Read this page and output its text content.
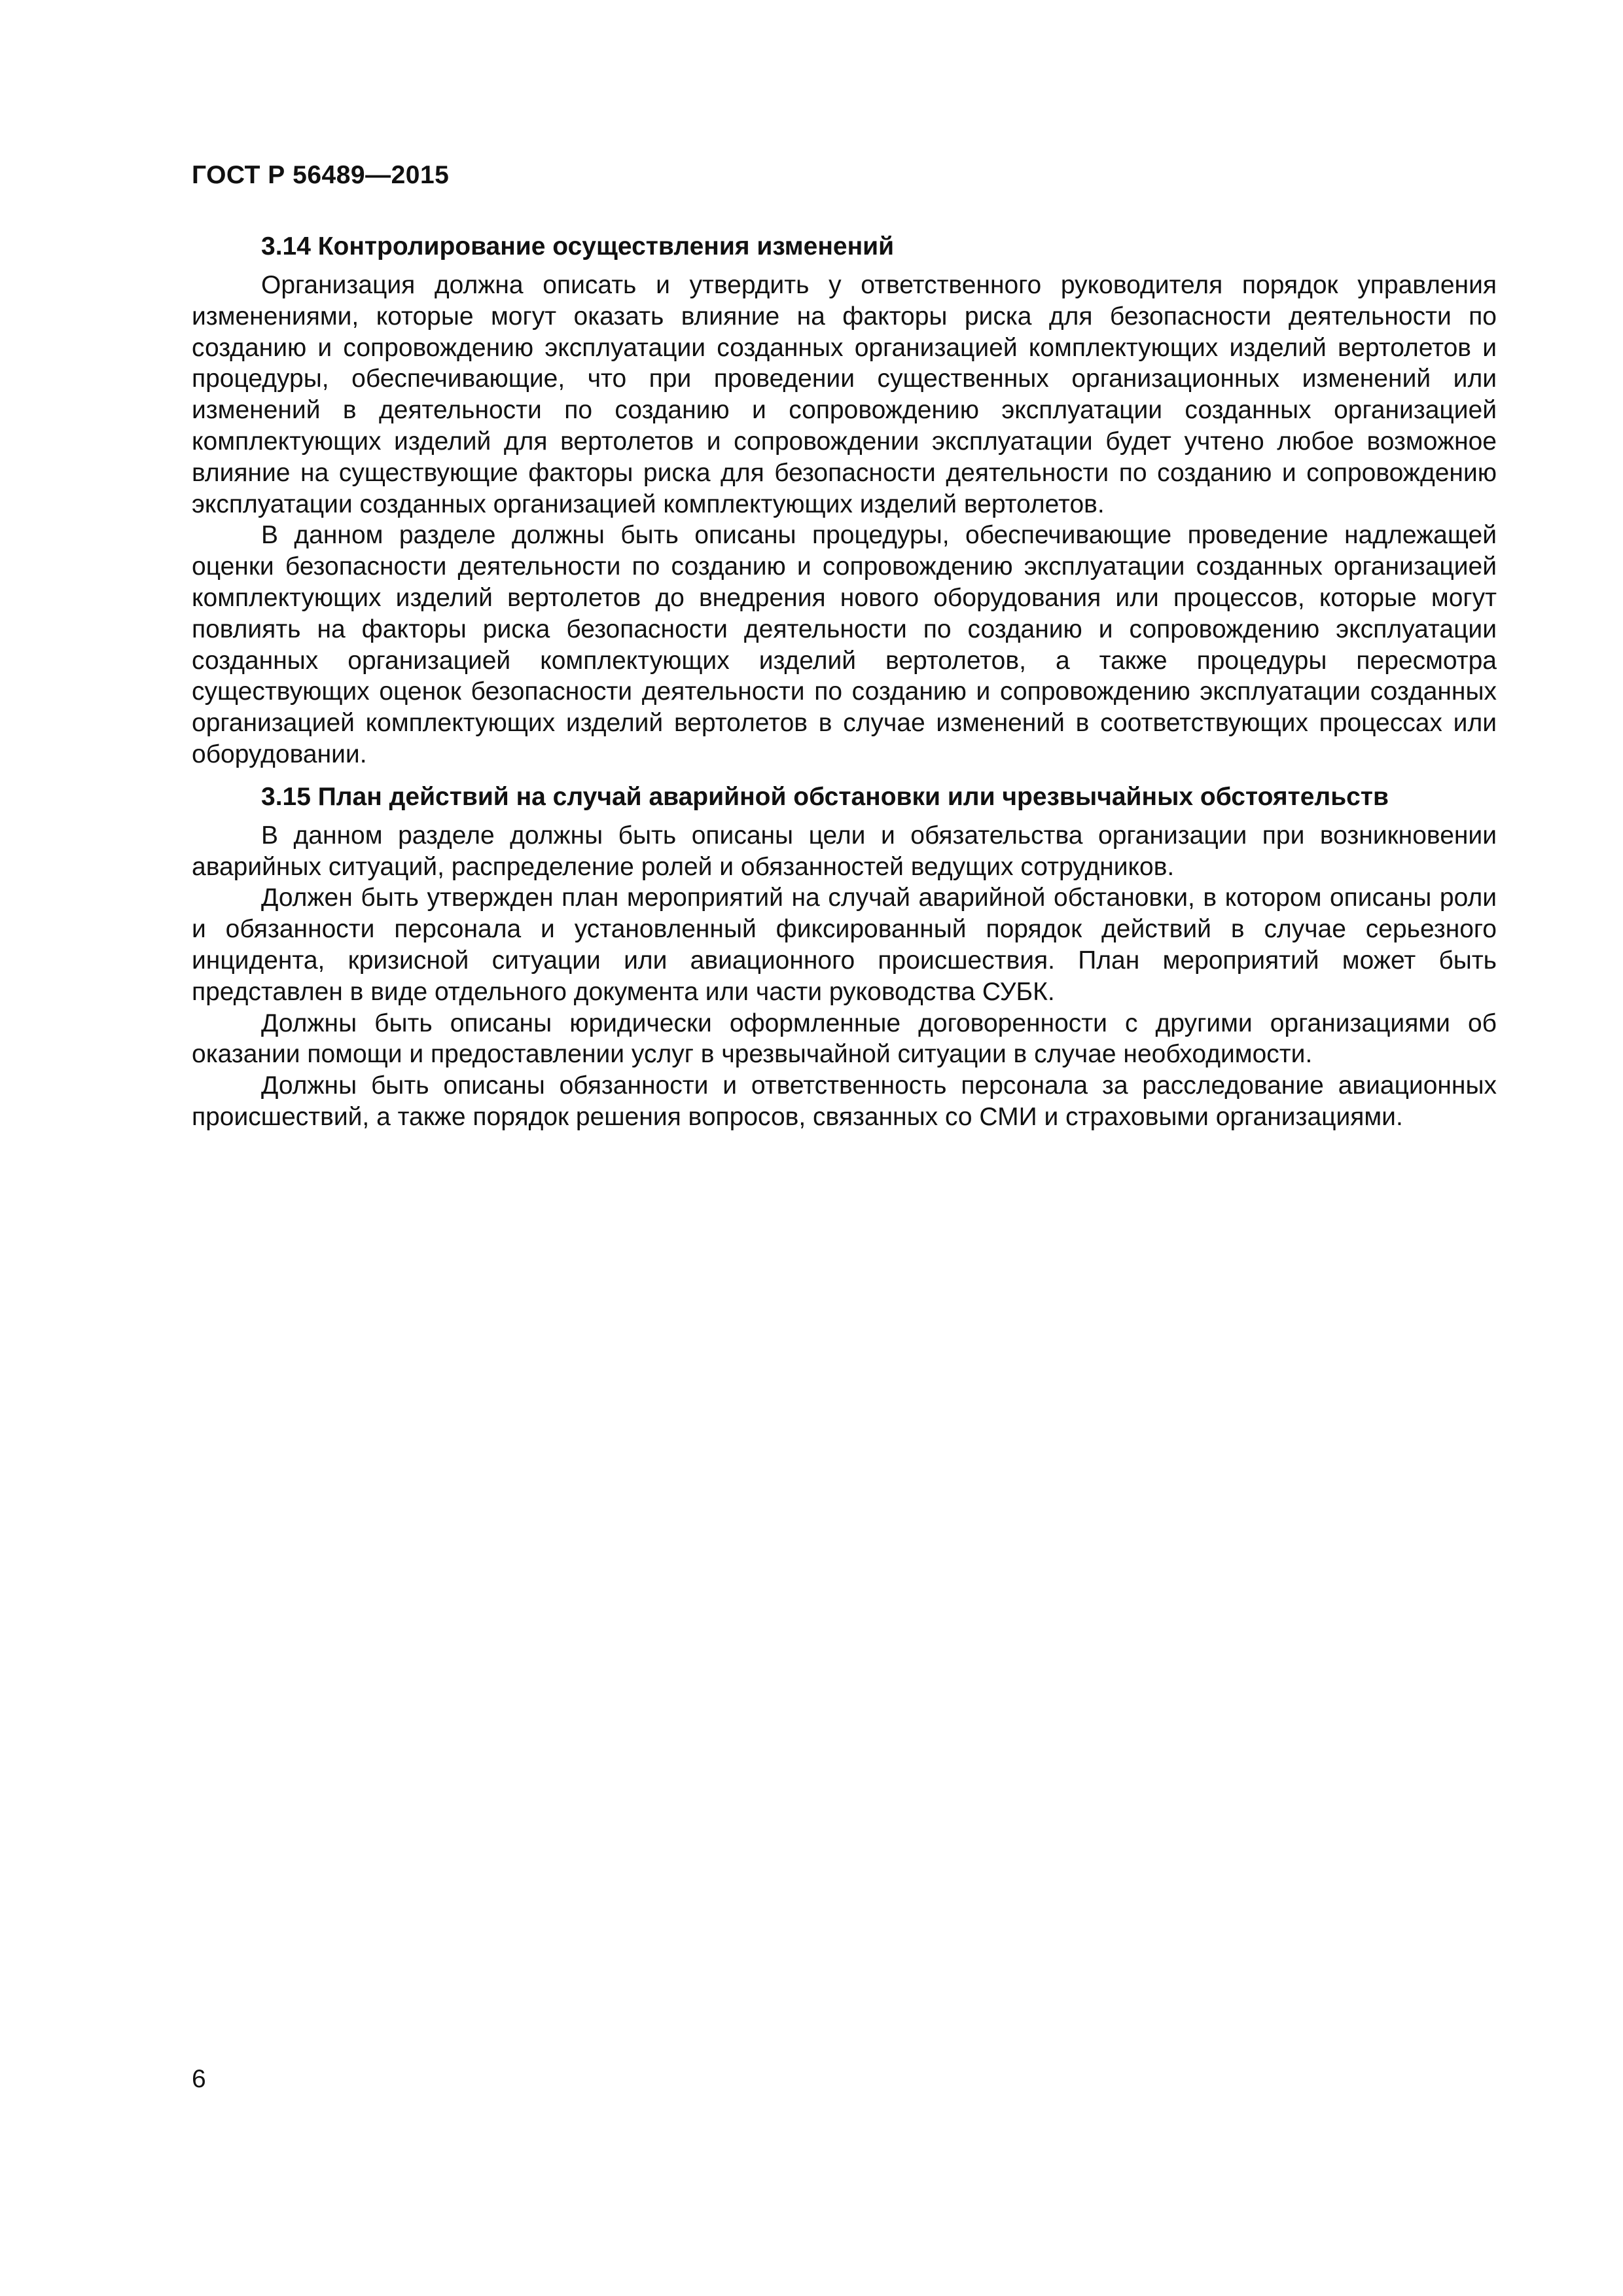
ГОСТ Р 56489—2015

3.14 Контролирование осуществления изменений

Организация должна описать и утвердить у ответственного руководителя порядок управления изменениями, которые могут оказать влияние на факторы риска для безопасности деятельности по созданию и сопровождению эксплуатации созданных организацией комплектующих изделий вертолетов и процедуры, обеспечивающие, что при проведении существенных организационных изменений или изменений в деятельности по созданию и сопровождению эксплуатации созданных организацией комплектующих изделий для вертолетов и сопровождении эксплуатации будет учтено любое возможное влияние на существующие факторы риска для безопасности деятельности по созданию и сопровождению эксплуатации созданных организацией комплектующих изделий вертолетов.

В данном разделе должны быть описаны процедуры, обеспечивающие проведение надлежащей оценки безопасности деятельности по созданию и сопровождению эксплуатации созданных организацией комплектующих изделий вертолетов до внедрения нового оборудования или процессов, которые могут повлиять на факторы риска безопасности деятельности по созданию и сопровождению эксплуатации созданных организацией комплектующих изделий вертолетов, а также процедуры пересмотра существующих оценок безопасности деятельности по созданию и сопровождению эксплуатации созданных организацией комплектующих изделий вертолетов в случае изменений в соответствующих процессах или оборудовании.

3.15 План действий на случай аварийной обстановки или чрезвычайных обстоятельств

В данном разделе должны быть описаны цели и обязательства организации при возникновении аварийных ситуаций, распределение ролей и обязанностей ведущих сотрудников.

Должен быть утвержден план мероприятий на случай аварийной обстановки, в котором описаны роли и обязанности персонала и установленный фиксированный порядок действий в случае серьезного инцидента, кризисной ситуации или авиационного происшествия. План мероприятий может быть представлен в виде отдельного документа или части руководства СУБК.

Должны быть описаны юридически оформленные договоренности с другими организациями об оказании помощи и предоставлении услуг в чрезвычайной ситуации в случае необходимости.

Должны быть описаны обязанности и ответственность персонала за расследование авиационных происшествий, а также порядок решения вопросов, связанных со СМИ и страховыми организациями.

6
